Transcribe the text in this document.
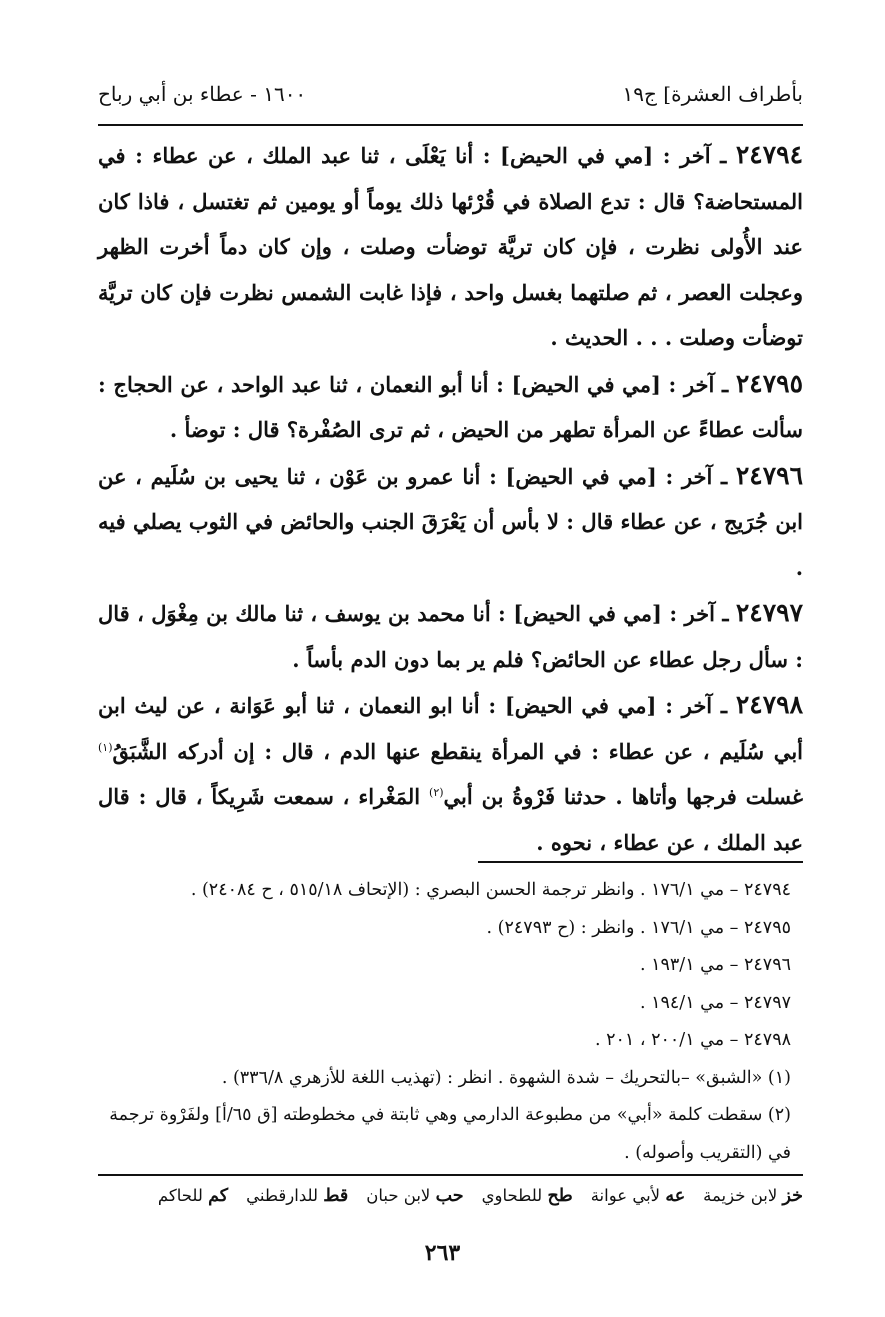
بأطراف العشرة] ج١٩
١٦٠٠ - عطاء بن أبي رباح

٢٤٧٩٤ ـ آخر : [مي في الحيض] : أنا يَعْلَى ، ثنا عبد الملك ، عن عطاء : في المستحاضة؟ قال : تدع الصلاة في قُرْئها ذلك يوماً أو يومين ثم تغتسل ، فاذا كان عند الأُولى نظرت ، فإن كان تريَّة توضأت وصلت ، وإن كان دماً أخرت الظهر وعجلت العصر ، ثم صلتهما بغسل واحد ، فإذا غابت الشمس نظرت فإن كان تريَّة توضأت وصلت . . . الحديث .

٢٤٧٩٥ ـ آخر : [مي في الحيض] : أنا أبو النعمان ، ثنا عبد الواحد ، عن الحجاج : سألت عطاءً عن المرأة تطهر من الحيض ، ثم ترى الصُفْرة؟ قال : توضأ .

٢٤٧٩٦ ـ آخر : [مي في الحيض] : أنا عمرو بن عَوْن ، ثنا يحيى بن سُلَيم ، عن ابن جُرَيج ، عن عطاء قال : لا بأس أن يَعْرَقَ الجنب والحائض في الثوب يصلي فيه .

٢٤٧٩٧ ـ آخر : [مي في الحيض] : أنا محمد بن يوسف ، ثنا مالك بن مِغْوَل ، قال : سأل رجل عطاء عن الحائض؟ فلم ير بما دون الدم بأساً .

٢٤٧٩٨ ـ آخر : [مي في الحيض] : أنا ابو النعمان ، ثنا أبو عَوَانة ، عن ليث ابن أبي سُلَيم ، عن عطاء : في المرأة ينقطع عنها الدم ، قال : إن أدركه الشَّبَقُ$^{(١)}$ غسلت فرجها وأتاها . حدثنا فَرْوةُ بن أبي$^{(٢)}$ المَغْراء ، سمعت شَرِيكاً ، قال : قال عبد الملك ، عن عطاء ، نحوه .

٢٤٧٩٤ – مي ١٧٦/١ . وانظر ترجمة الحسن البصري : (الإتحاف ٥١٥/١٨ ، ح ٢٤٠٨٤) .

٢٤٧٩٥ – مي ١٧٦/١ . وانظر : (ح ٢٤٧٩٣) .

٢٤٧٩٦ – مي ١٩٣/١ .

٢٤٧٩٧ – مي ١٩٤/١ .

٢٤٧٩٨ – مي ٢٠٠/١ ، ٢٠١ .

(١) «الشبق» –بالتحريك – شدة الشهوة . انظر : (تهذيب اللغة للأزهري ٣٣٦/٨) .

(٢) سقطت كلمة «أبي» من مطبوعة الدارمي وهي ثابتة في مخطوطته [ق ٦٥/أ] ولفَرْوة ترجمة في (التقريب وأصوله) .

خز لابن خزيمة
عه لأبي عوانة
طح للطحاوي
حب لابن حبان
قط للدارقطني
كم للحاكم
٢٦٣
